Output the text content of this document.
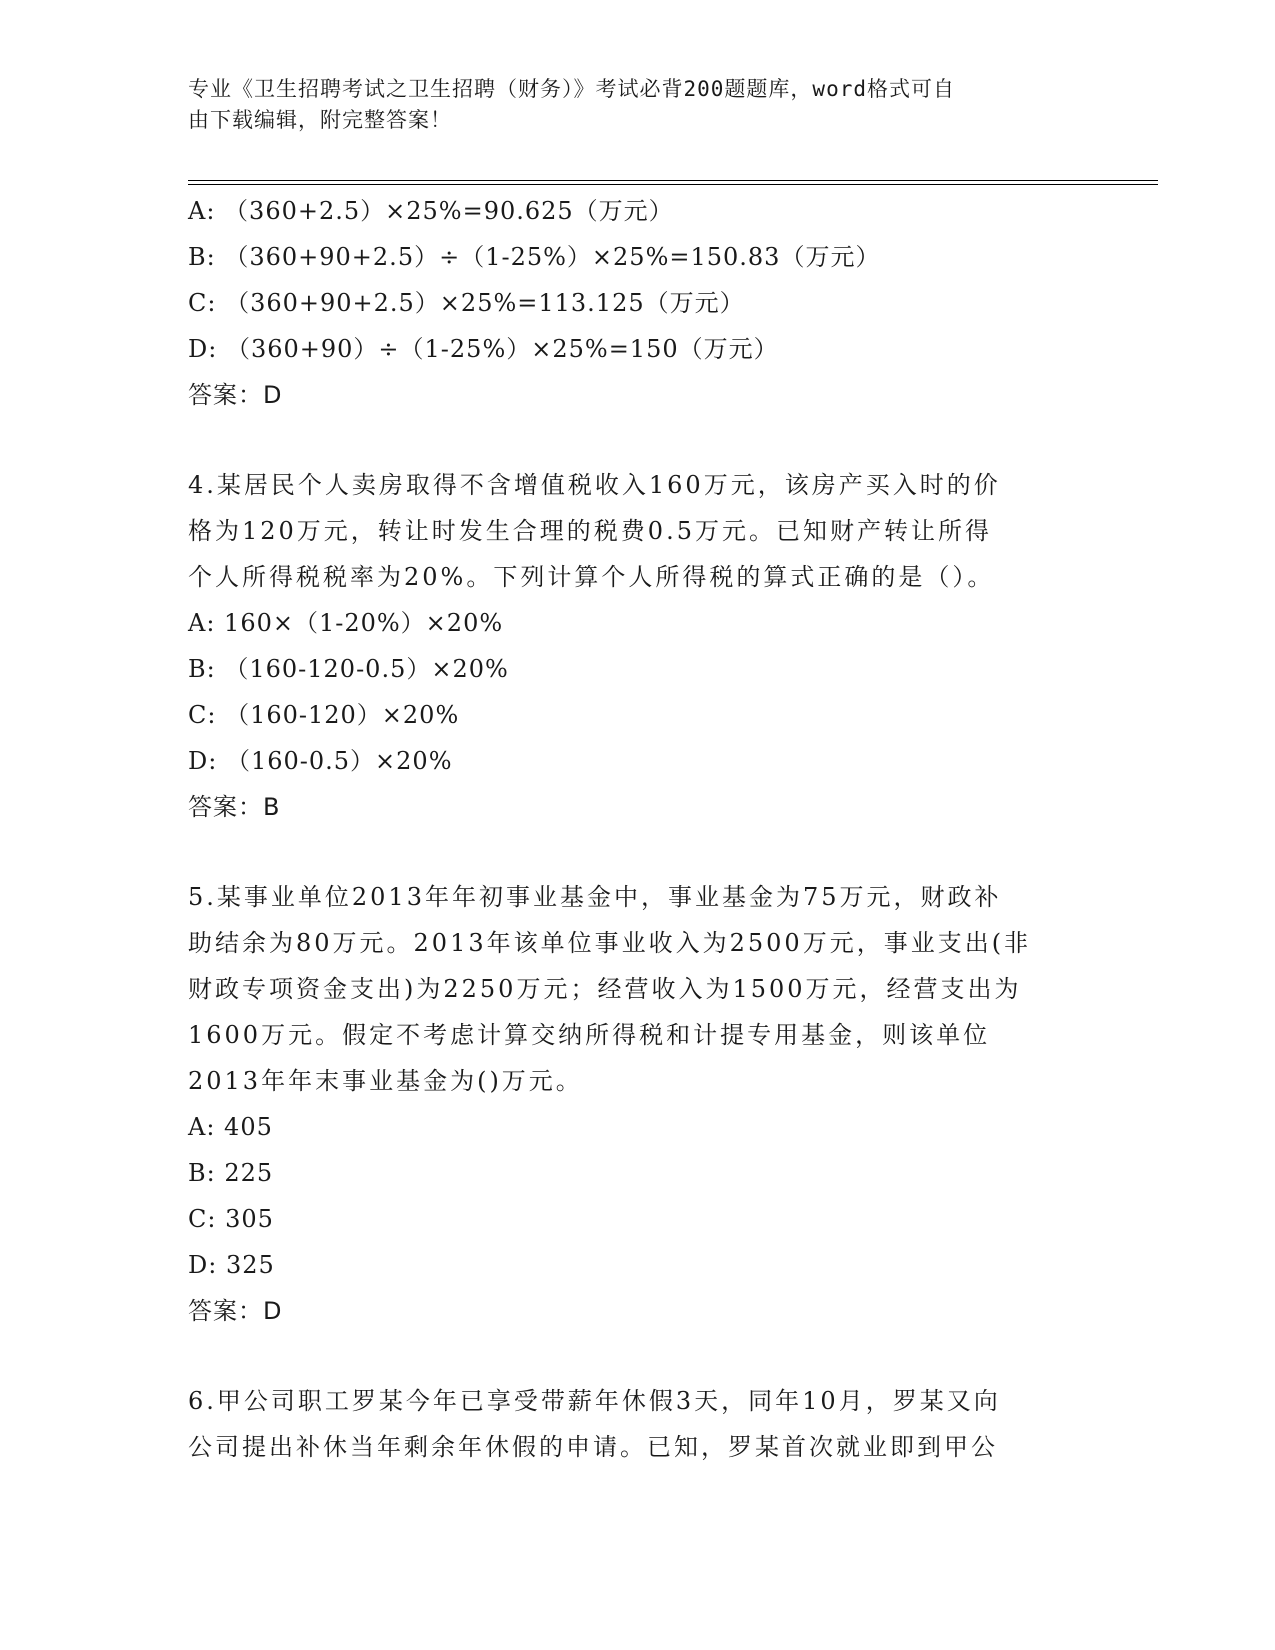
专业《卫生招聘考试之卫生招聘（财务）》考试必背200题题库，word格式可自
由下载编辑，附完整答案！
A: （360+2.5）×25%=90.625（万元）
B: （360+90+2.5）÷（1-25%）×25%=150.83（万元）
C: （360+90+2.5）×25%=113.125（万元）
D: （360+90）÷（1-25%）×25%=150（万元）
答案：D
4.某居民个人卖房取得不含增值税收入160万元，该房产买入时的价
格为120万元，转让时发生合理的税费0.5万元。已知财产转让所得
个人所得税税率为20%。下列计算个人所得税的算式正确的是（）。
A: 160×（1-20%）×20%
B: （160-120-0.5）×20%
C: （160-120）×20%
D: （160-0.5）×20%
答案：B
5.某事业单位2013年年初事业基金中，事业基金为75万元，财政补
助结余为80万元。2013年该单位事业收入为2500万元，事业支出(非
财政专项资金支出)为2250万元；经营收入为1500万元，经营支出为
1600万元。假定不考虑计算交纳所得税和计提专用基金，则该单位
2013年年末事业基金为()万元。
A: 405
B: 225
C: 305
D: 325
答案：D
6.甲公司职工罗某今年已享受带薪年休假3天，同年10月，罗某又向
公司提出补休当年剩余年休假的申请。已知，罗某首次就业即到甲公
